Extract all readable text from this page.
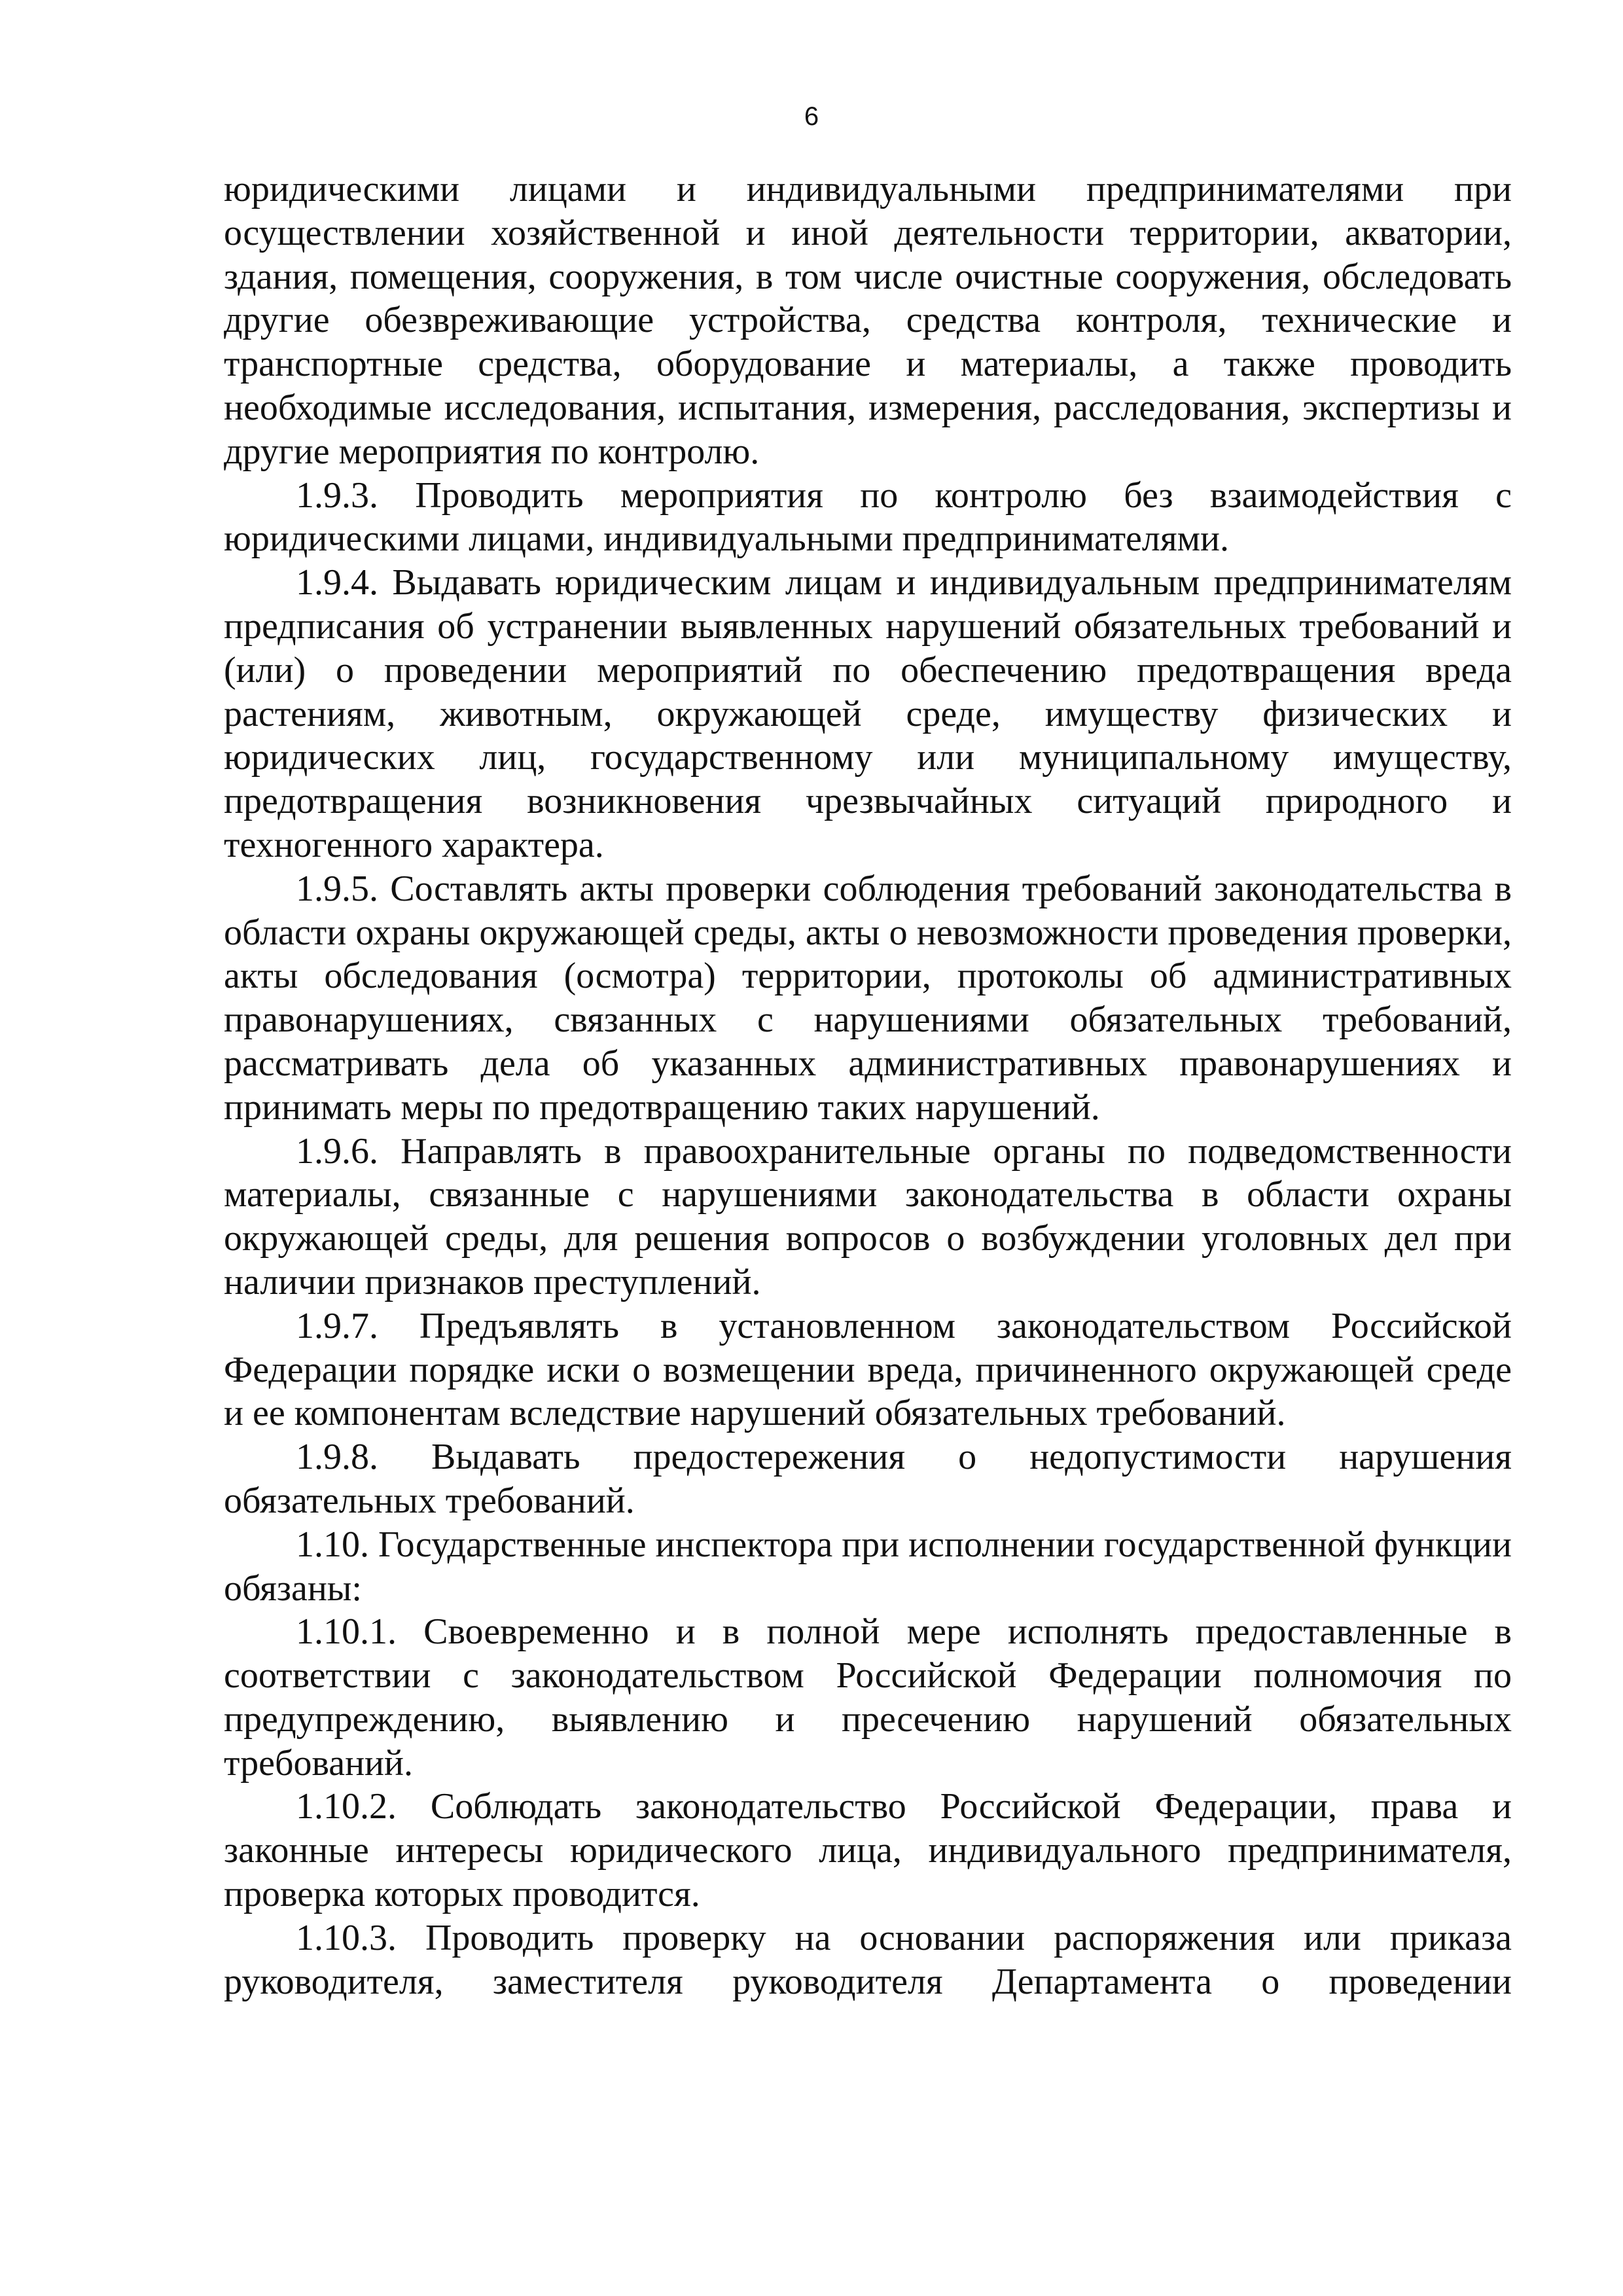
6

юридическими лицами и индивидуальными предпринимателями при осуществлении хозяйственной и иной деятельности территории, акватории, здания, помещения, сооружения, в том числе очистные сооружения, обследовать другие обезвреживающие устройства, средства контроля, технические и транспортные средства, оборудование и материалы, а также проводить необходимые исследования, испытания, измерения, расследования, экспертизы и другие мероприятия по контролю.

1.9.3. Проводить мероприятия по контролю без взаимодействия с юридическими лицами, индивидуальными предпринимателями.

1.9.4. Выдавать юридическим лицам и индивидуальным предпринимателям предписания об устранении выявленных нарушений обязательных требований и (или) о проведении мероприятий по обеспечению предотвращения вреда растениям, животным, окружающей среде, имуществу физических и юридических лиц, государственному или муниципальному имуществу, предотвращения возникновения чрезвычайных ситуаций природного и техногенного характера.

1.9.5. Составлять акты проверки соблюдения требований законодательства в области охраны окружающей среды, акты о невозможности проведения проверки, акты обследования (осмотра) территории, протоколы об административных правонарушениях, связанных с нарушениями обязательных требований, рассматривать дела об указанных административных правонарушениях и принимать меры по предотвращению таких нарушений.

1.9.6. Направлять в правоохранительные органы по подведомственности материалы, связанные с нарушениями законодательства в области охраны окружающей среды, для решения вопросов о возбуждении уголовных дел при наличии признаков преступлений.

1.9.7. Предъявлять в установленном законодательством Российской Федерации порядке иски о возмещении вреда, причиненного окружающей среде и ее компонентам вследствие нарушений обязательных требований.

1.9.8. Выдавать предостережения о недопустимости нарушения обязательных требований.

1.10. Государственные инспектора при исполнении государственной функции обязаны:

1.10.1. Своевременно и в полной мере исполнять предоставленные в соответствии с законодательством Российской Федерации полномочия по предупреждению, выявлению и пресечению нарушений обязательных требований.

1.10.2. Соблюдать законодательство Российской Федерации, права и законные интересы юридического лица, индивидуального предпринимателя, проверка которых проводится.

1.10.3. Проводить проверку на основании распоряжения или приказа руководителя, заместителя руководителя Департамента о проведении
